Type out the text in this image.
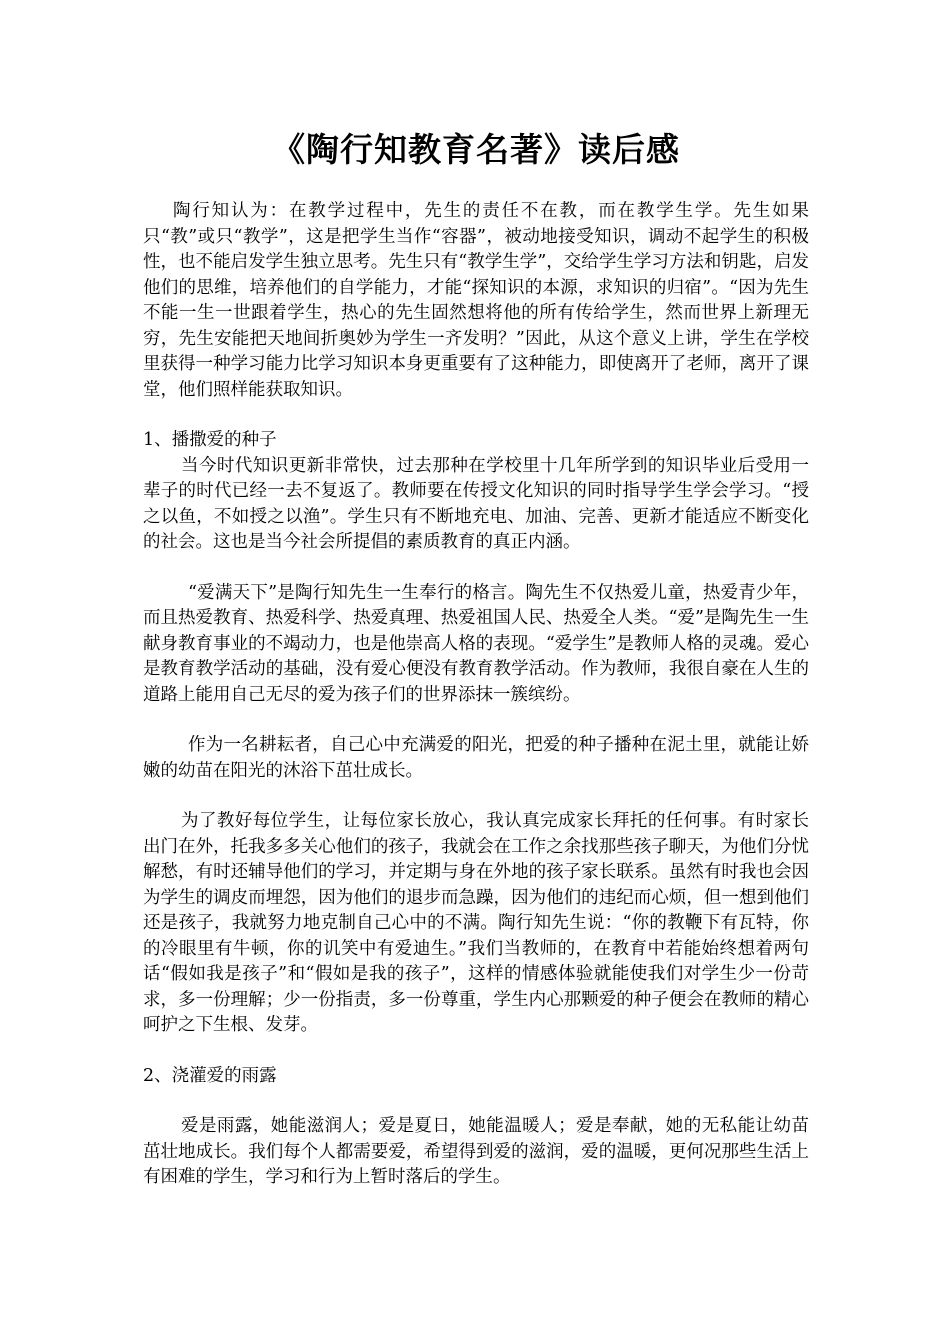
《陶行知教育名著》读后感

陶行知认为：在教学过程中，先生的责任不在教，而在教学生学。先生如果只“教”或只“教学”，这是把学生当作“容器”，被动地接受知识，调动不起学生的积极性，也不能启发学生独立思考。先生只有“教学生学”，交给学生学习方法和钥匙，启发他们的思维，培养他们的自学能力，才能“探知识的本源，求知识的归宿”。“因为先生不能一生一世跟着学生，热心的先生固然想将他的所有传给学生，然而世界上新理无穷，先生安能把天地间折奥妙为学生一齐发明？”因此，从这个意义上讲，学生在学校里获得一种学习能力比学习知识本身更重要有了这种能力，即使离开了老师，离开了课堂，他们照样能获取知识。

1、播撒爱的种子

当今时代知识更新非常快，过去那种在学校里十几年所学到的知识毕业后受用一辈子的时代已经一去不复返了。教师要在传授文化知识的同时指导学生学会学习。“授之以鱼，不如授之以渔”。学生只有不断地充电、加油、完善、更新才能适应不断变化的社会。这也是当今社会所提倡的素质教育的真正内涵。

“爱满天下”是陶行知先生一生奉行的格言。陶先生不仅热爱儿童，热爱青少年，而且热爱教育、热爱科学、热爱真理、热爱祖国人民、热爱全人类。“爱”是陶先生一生献身教育事业的不竭动力，也是他崇高人格的表现。“爱学生”是教师人格的灵魂。爱心是教育教学活动的基础，没有爱心便没有教育教学活动。作为教师，我很自豪在人生的道路上能用自己无尽的爱为孩子们的世界添抹一簇缤纷。

作为一名耕耘者，自己心中充满爱的阳光，把爱的种子播种在泥土里，就能让娇嫩的幼苗在阳光的沐浴下茁壮成长。

为了教好每位学生，让每位家长放心，我认真完成家长拜托的任何事。有时家长出门在外，托我多多关心他们的孩子，我就会在工作之余找那些孩子聊天，为他们分忧解愁，有时还辅导他们的学习，并定期与身在外地的孩子家长联系。虽然有时我也会因为学生的调皮而埋怨，因为他们的退步而急躁，因为他们的违纪而心烦，但一想到他们还是孩子，我就努力地克制自己心中的不满。陶行知先生说：“你的教鞭下有瓦特，你的冷眼里有牛顿，你的讥笑中有爱迪生。”我们当教师的，在教育中若能始终想着两句话“假如我是孩子”和“假如是我的孩子”，这样的情感体验就能使我们对学生少一份苛求，多一份理解；少一份指责，多一份尊重，学生内心那颗爱的种子便会在教师的精心呵护之下生根、发芽。

2、浇灌爱的雨露

爱是雨露，她能滋润人；爱是夏日，她能温暖人；爱是奉献，她的无私能让幼苗茁壮地成长。我们每个人都需要爱，希望得到爱的滋润，爱的温暖，更何况那些生活上有困难的学生，学习和行为上暂时落后的学生。
